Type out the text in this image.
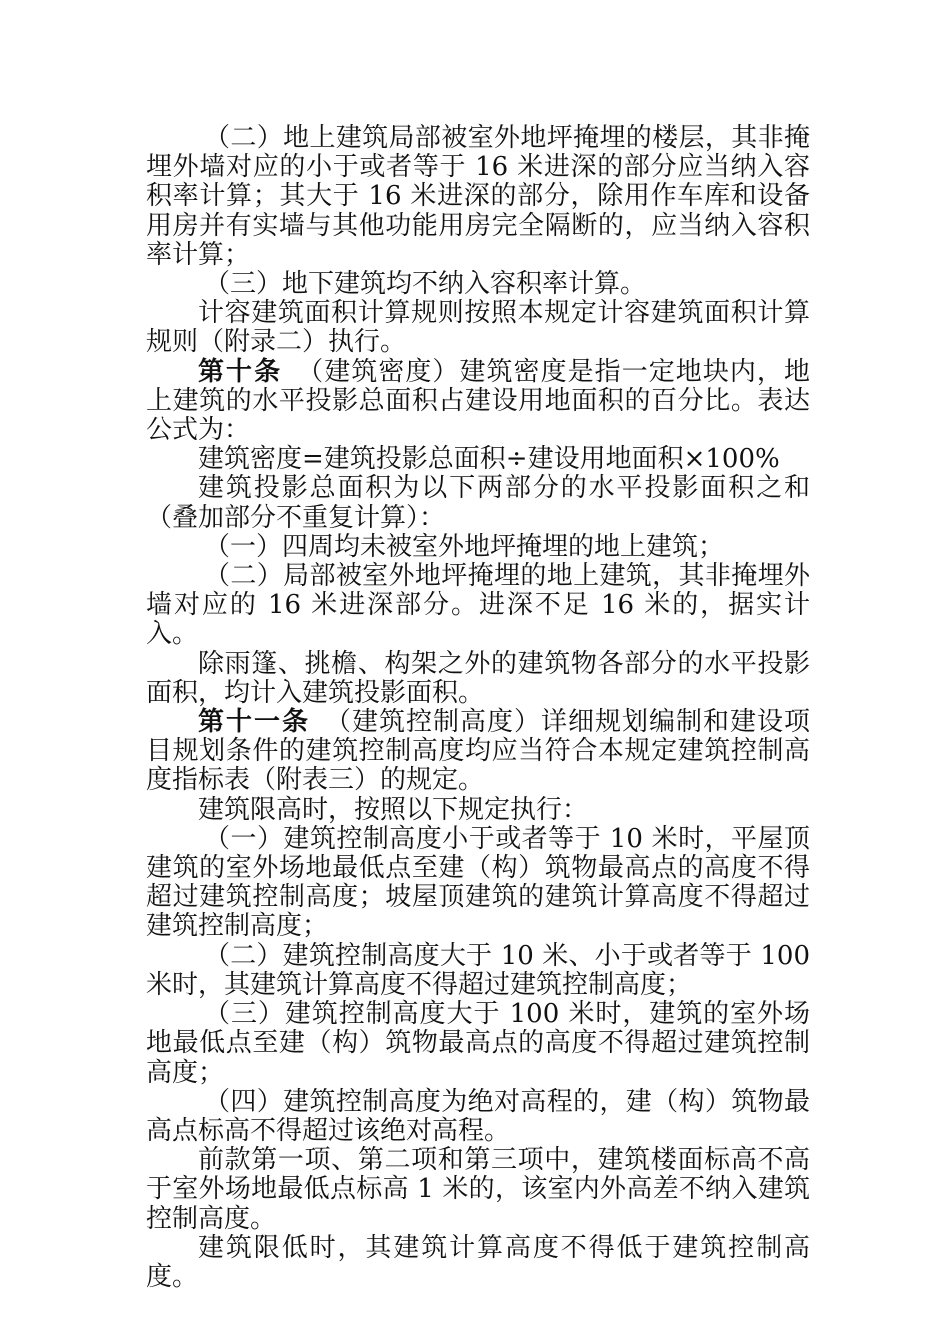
（二）地上建筑局部被室外地坪掩埋的楼层，其非掩埋外墙对应的小于或者等于 16 米进深的部分应当纳入容积率计算；其大于 16 米进深的部分，除用作车库和设备用房并有实墙与其他功能用房完全隔断的，应当纳入容积率计算；

（三）地下建筑均不纳入容积率计算。

计容建筑面积计算规则按照本规定计容建筑面积计算规则（附录二）执行。

第十条 （建筑密度）建筑密度是指一定地块内，地上建筑的水平投影总面积占建设用地面积的百分比。表达公式为：

建筑密度=建筑投影总面积÷建设用地面积×100%

建筑投影总面积为以下两部分的水平投影面积之和（叠加部分不重复计算）：

（一）四周均未被室外地坪掩埋的地上建筑；

（二）局部被室外地坪掩埋的地上建筑，其非掩埋外墙对应的 16 米进深部分。进深不足 16 米的，据实计入。

除雨篷、挑檐、构架之外的建筑物各部分的水平投影面积，均计入建筑投影面积。

第十一条 （建筑控制高度）详细规划编制和建设项目规划条件的建筑控制高度均应当符合本规定建筑控制高度指标表（附表三）的规定。

建筑限高时，按照以下规定执行：

（一）建筑控制高度小于或者等于 10 米时，平屋顶建筑的室外场地最低点至建（构）筑物最高点的高度不得超过建筑控制高度；坡屋顶建筑的建筑计算高度不得超过建筑控制高度；

（二）建筑控制高度大于 10 米、小于或者等于 100 米时，其建筑计算高度不得超过建筑控制高度；

（三）建筑控制高度大于 100 米时，建筑的室外场地最低点至建（构）筑物最高点的高度不得超过建筑控制高度；

（四）建筑控制高度为绝对高程的，建（构）筑物最高点标高不得超过该绝对高程。

前款第一项、第二项和第三项中，建筑楼面标高不高于室外场地最低点标高 1 米的，该室内外高差不纳入建筑控制高度。

建筑限低时，其建筑计算高度不得低于建筑控制高度。
